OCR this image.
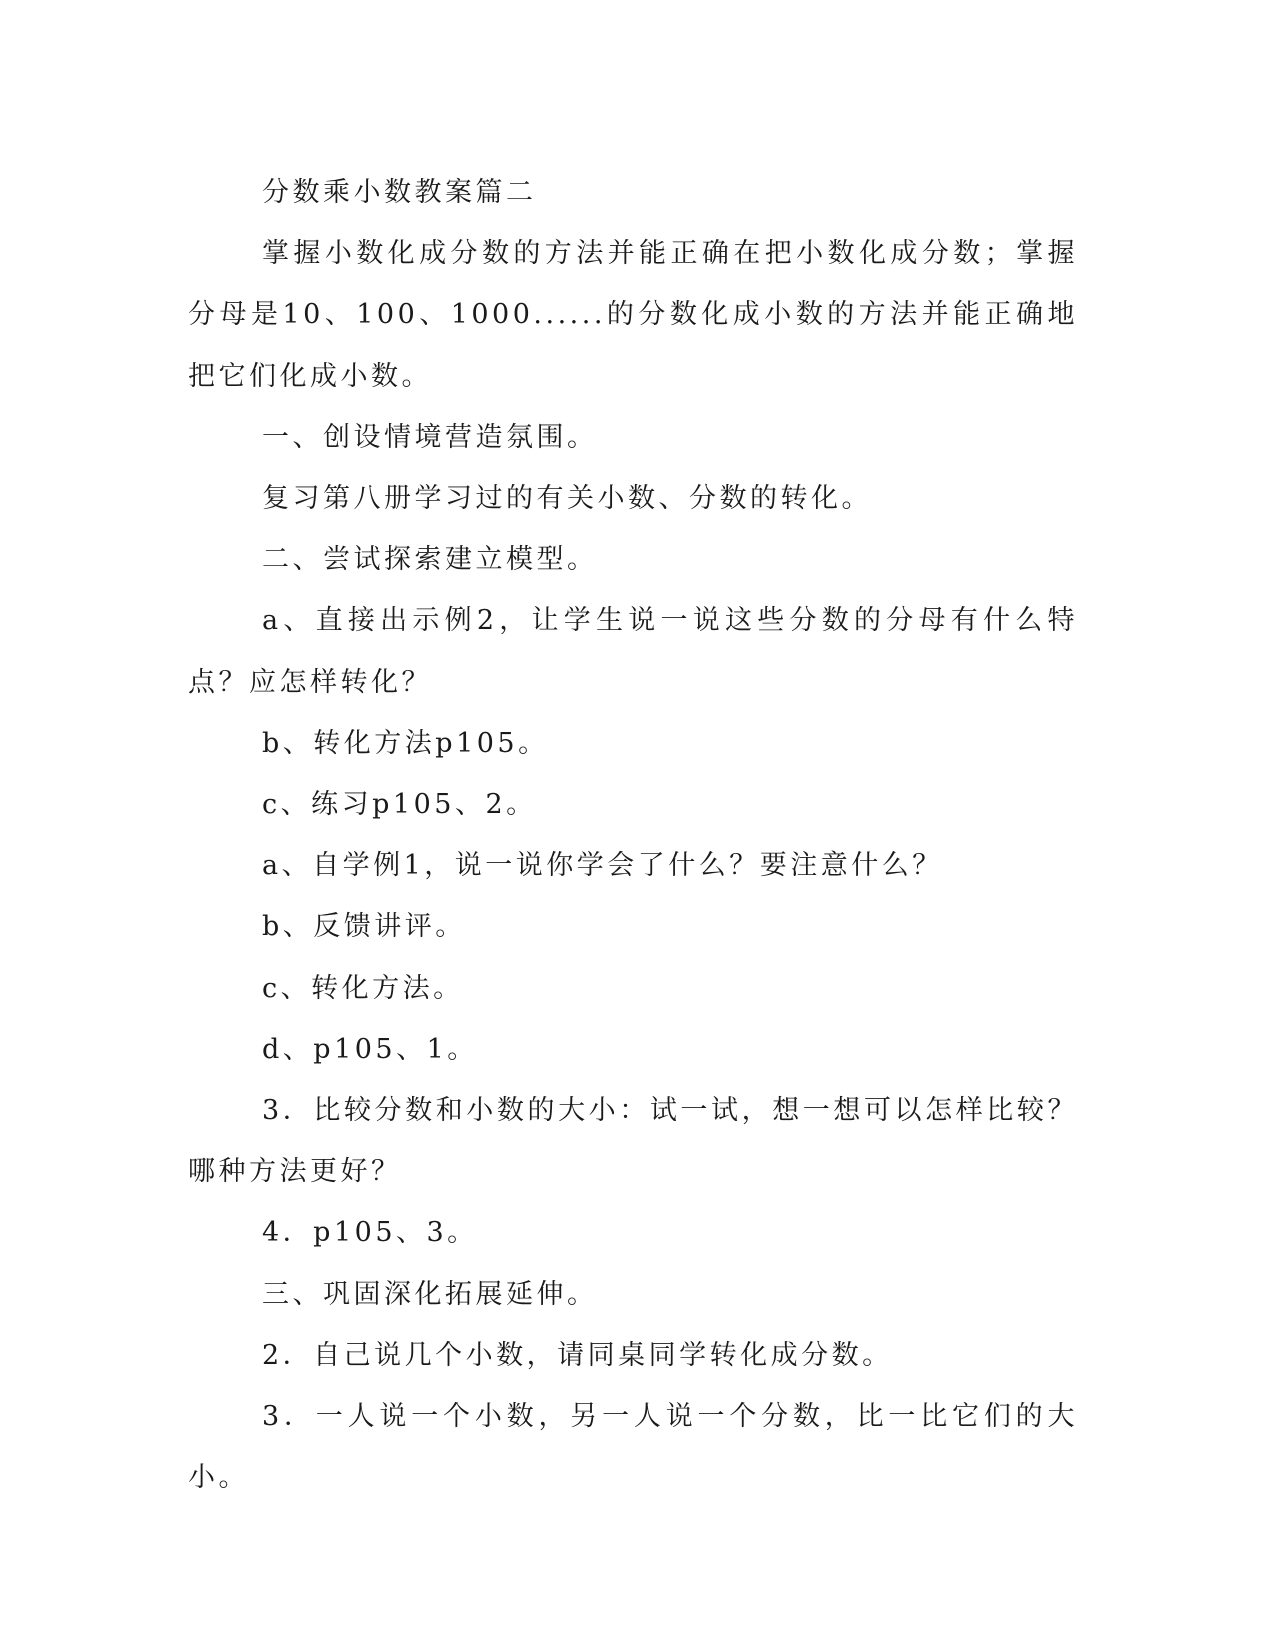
分数乘小数教案篇二

掌握小数化成分数的方法并能正确在把小数化成分数；掌握分母是10、100、1000......的分数化成小数的方法并能正确地把它们化成小数。

一、创设情境营造氛围。

复习第八册学习过的有关小数、分数的转化。

二、尝试探索建立模型。

a、直接出示例2，让学生说一说这些分数的分母有什么特点？应怎样转化？

b、转化方法p105。

c、练习p105、2。

a、自学例1，说一说你学会了什么？要注意什么？

b、反馈讲评。

c、转化方法。

d、p105、1。

3．比较分数和小数的大小：试一试，想一想可以怎样比较？哪种方法更好？

4．p105、3。

三、巩固深化拓展延伸。

2．自己说几个小数，请同桌同学转化成分数。

3．一人说一个小数，另一人说一个分数，比一比它们的大小。
